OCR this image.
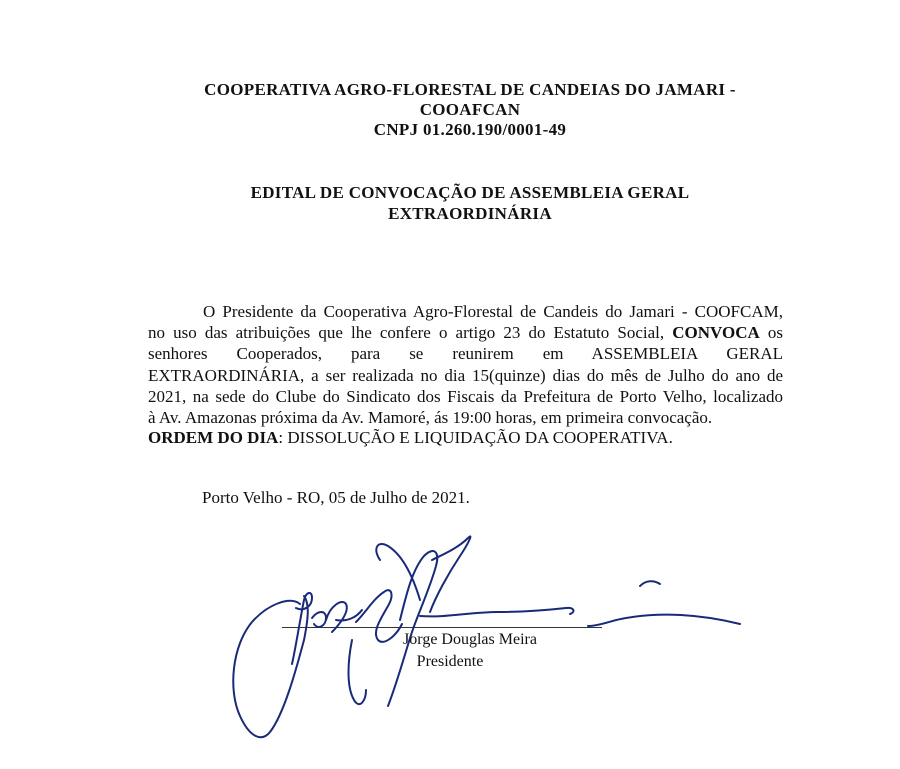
COOPERATIVA AGRO-FLORESTAL DE CANDEIAS DO JAMARI -
COOAFCAN
CNPJ 01.260.190/0001-49
EDITAL DE CONVOCAÇÃO DE ASSEMBLEIA GERAL
EXTRAORDINÁRIA
O Presidente da Cooperativa Agro-Florestal de Candeis do Jamari - COOFCAM,
no uso das atribuições que lhe confere o artigo 23 do Estatuto Social, CONVOCA os
senhores Cooperados, para se reunirem em ASSEMBLEIA GERAL
EXTRAORDINÁRIA, a ser realizada no dia 15(quinze) dias do mês de Julho do ano de
2021, na sede do Clube do Sindicato dos Fiscais da Prefeitura de Porto Velho, localizado
à Av. Amazonas próxima da Av. Mamoré, ás 19:00 horas, em primeira convocação.
ORDEM DO DIA: DISSOLUÇÃO E LIQUIDAÇÃO DA COOPERATIVA.
Porto Velho - RO, 05 de Julho de 2021.
Jorge Douglas Meira
Presidente
